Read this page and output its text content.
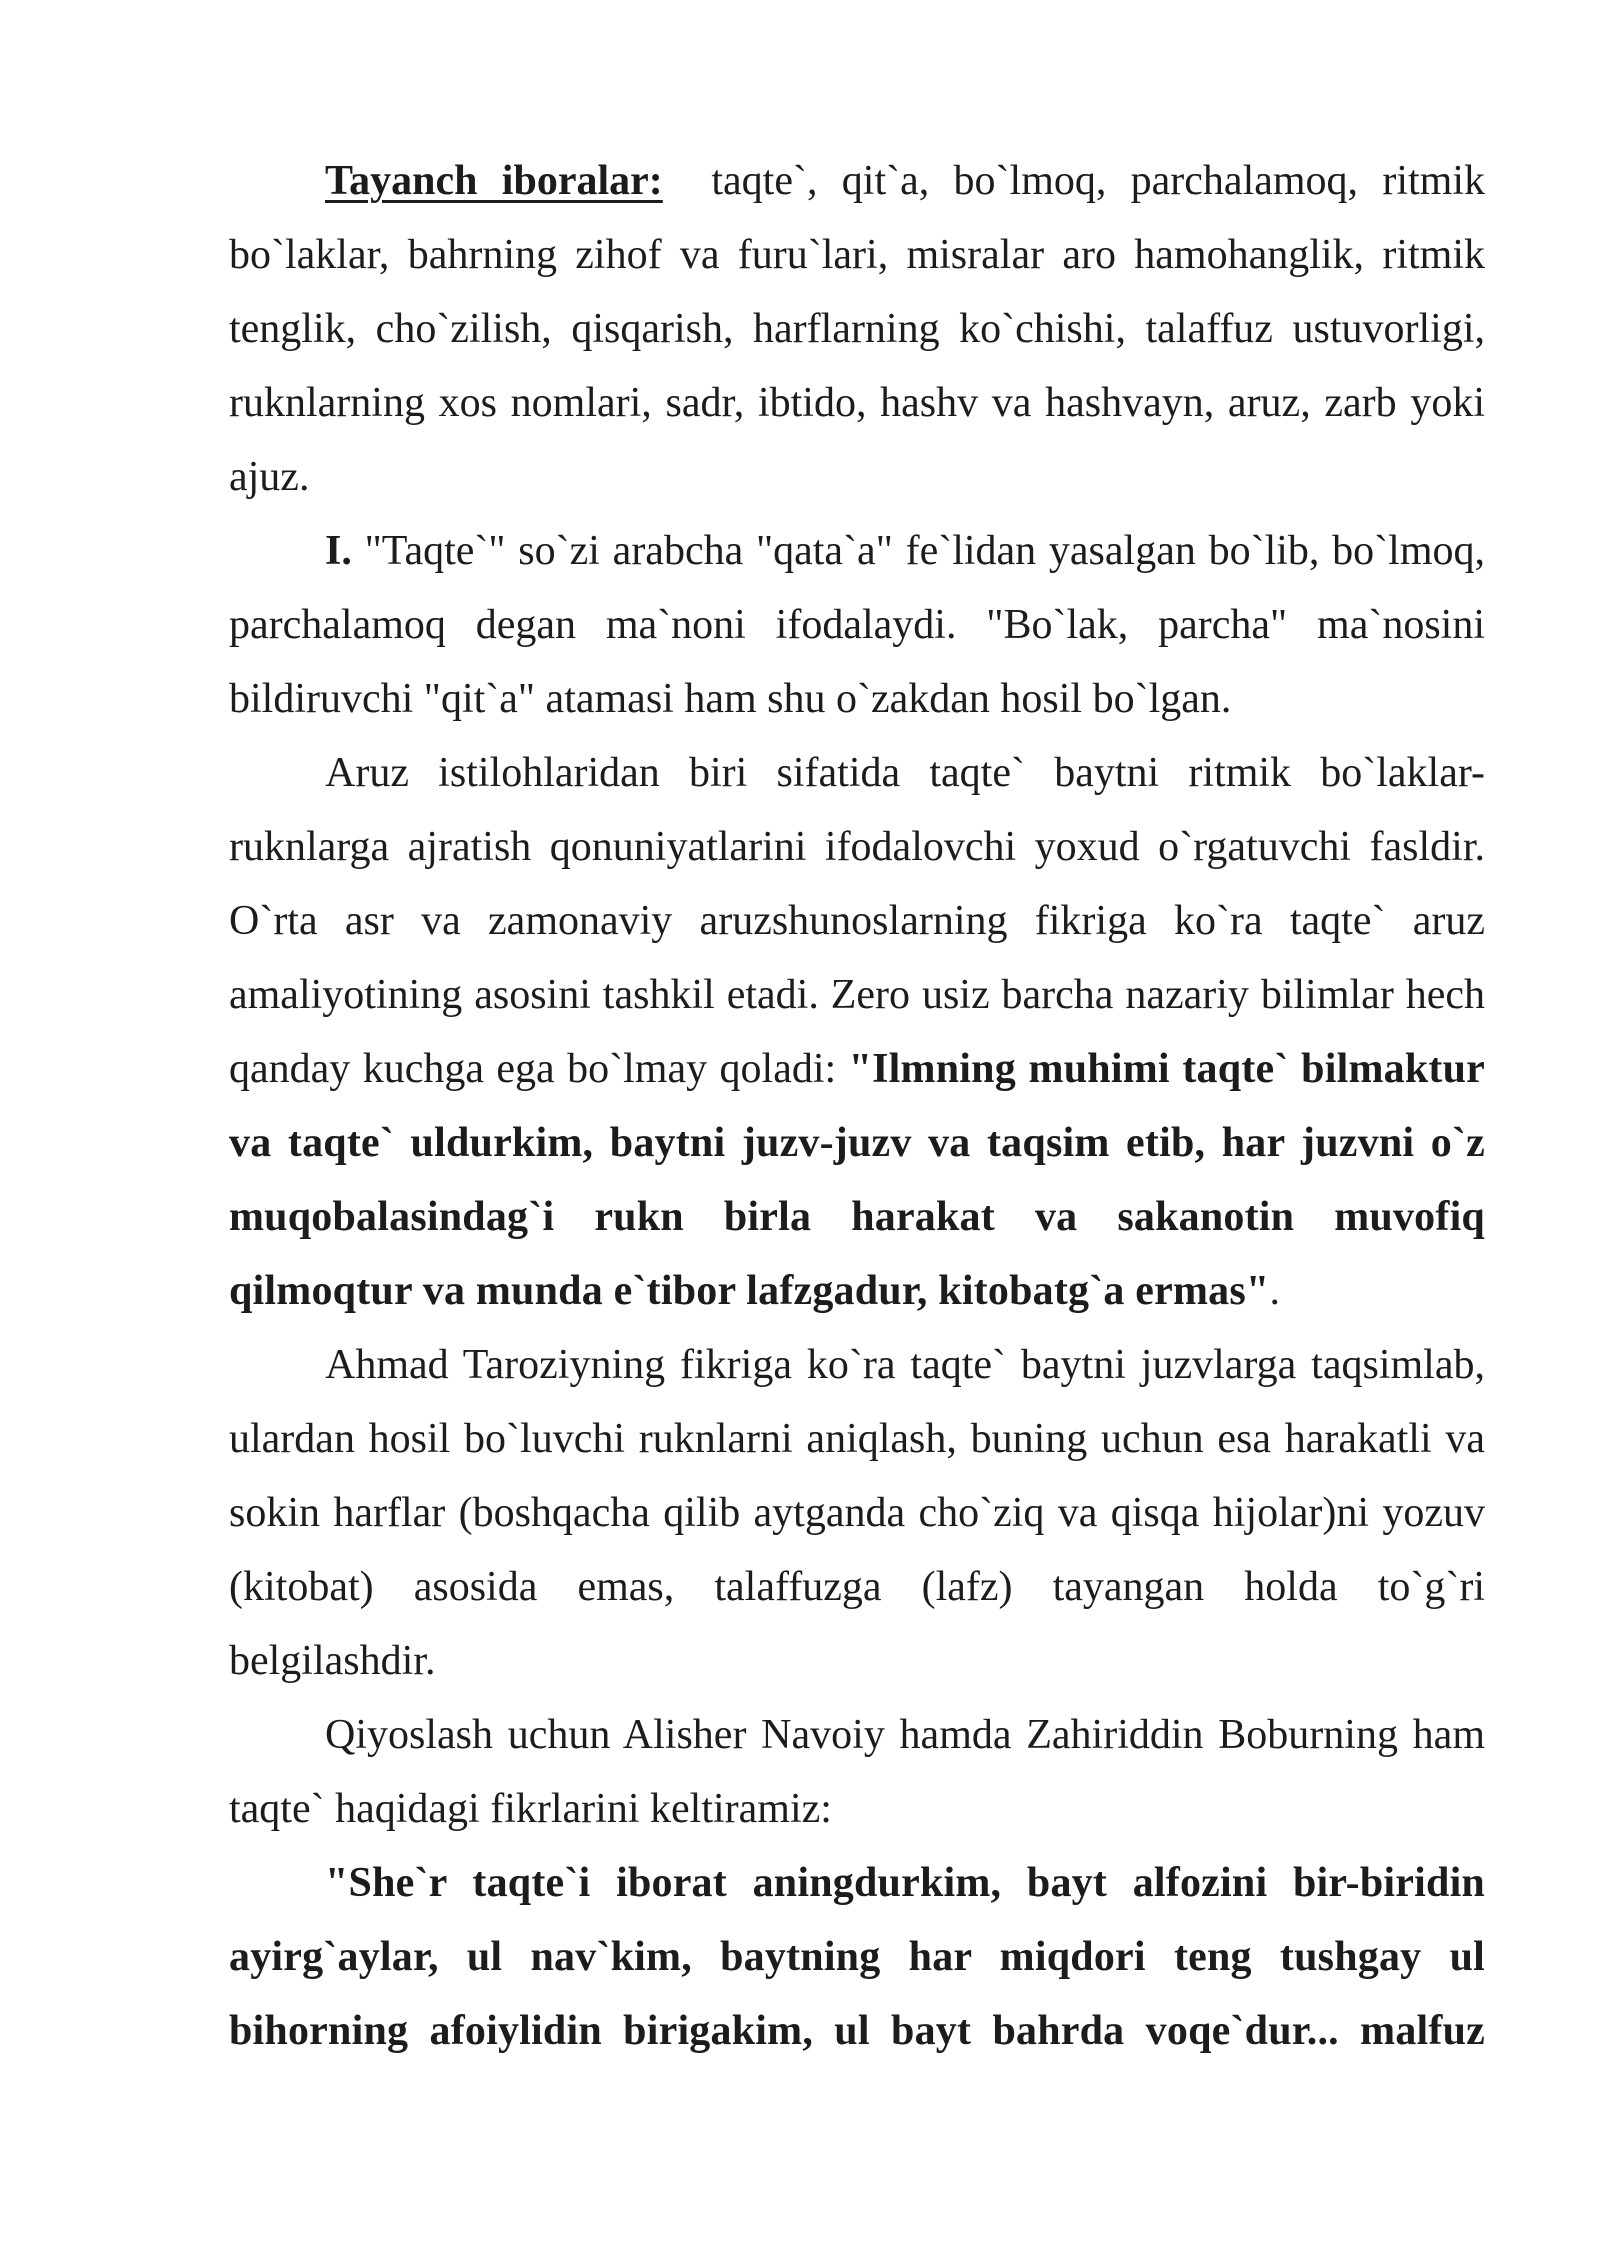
Tayanch iboralar:  taqte`, qit`a, bo`lmoq, parchalamoq, ritmik bo`laklar, bahrning zihof va furu`lari, misralar aro hamohanglik, ritmik tenglik, cho`zilish, qisqarish, harflarning ko`chishi, talaffuz ustuvorligi, ruknlarning xos nomlari, sadr, ibtido, hashv va hashvayn, aruz, zarb yoki ajuz.

I. "Taqte`" so`zi arabcha "qata`a" fe`lidan yasalgan bo`lib, bo`lmoq, parchalamoq degan ma`noni ifodalaydi. "Bo`lak, parcha" ma`nosini bildiruvchi "qit`a" atamasi ham shu o`zakdan hosil bo`lgan.

Aruz istilohlaridan biri sifatida taqte` baytni ritmik bo`laklar-ruknlarga ajratish qonuniyatlarini ifodalovchi yoxud o`rgatuvchi fasldir. O`rta asr va zamonaviy aruzshunoslarning fikriga ko`ra taqte` aruz amaliyotining asosini tashkil etadi. Zero usiz barcha nazariy bilimlar hech qanday kuchga ega bo`lmay qoladi: "Ilmning muhimi taqte` bilmaktur va taqte` uldurkim, baytni juzv-juzv va taqsim etib, har juzvni o`z muqobalasindag`i rukn birla harakat va sakanotin muvofiq qilmoqtur va munda e`tibor lafzgadur, kitobatg`a ermas".

Ahmad Taroziyning fikriga ko`ra taqte` baytni juzvlarga taqsimlab, ulardan hosil bo`luvchi ruknlarni aniqlash, buning uchun esa harakatli va sokin harflar (boshqacha qilib aytganda cho`ziq va qisqa hijolar)ni yozuv (kitobat) asosida emas, talaffuzga (lafz) tayangan holda to`g`ri belgilashdir.

Qiyoslash uchun Alisher Navoiy hamda Zahiriddin Boburning ham taqte` haqidagi fikrlarini keltiramiz:

"She`r taqte`i iborat aningdurkim, bayt alfozini bir-biridin ayirg`aylar, ul nav`kim, baytning har miqdori teng tushgay ul bihorning afoiylidin birigakim, ul bayt bahrda voqe`dur... malfuz
